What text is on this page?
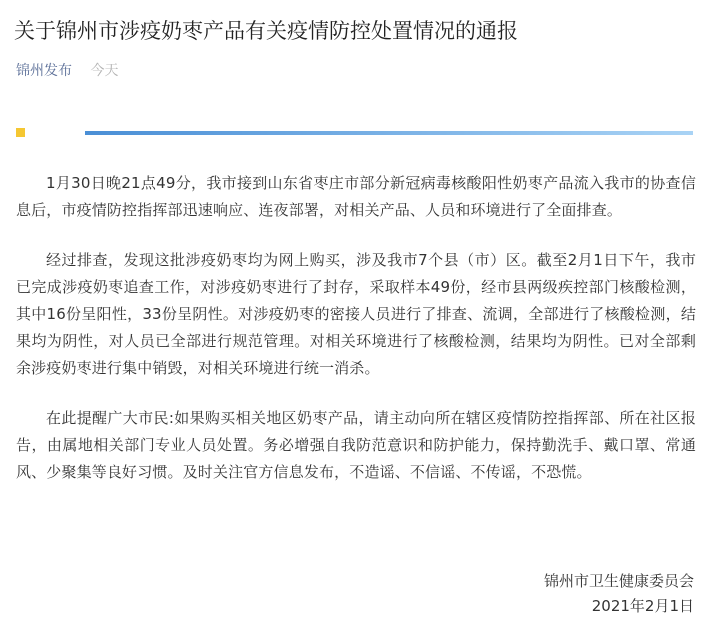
关于锦州市涉疫奶枣产品有关疫情防控处置情况的通报
锦州发布 今天

1月30日晚21点49分，我市接到山东省枣庄市部分新冠病毒核酸阳性奶枣产品流入我市的协查信息后，市疫情防控指挥部迅速响应、连夜部署，对相关产品、人员和环境进行了全面排查。

经过排查，发现这批涉疫奶枣均为网上购买，涉及我市7个县（市）区。截至2月1日下午，我市已完成涉疫奶枣追查工作，对涉疫奶枣进行了封存，采取样本49份，经市县两级疾控部门核酸检测，其中16份呈阳性，33份呈阴性。对涉疫奶枣的密接人员进行了排查、流调，全部进行了核酸检测，结果均为阴性，对人员已全部进行规范管理。对相关环境进行了核酸检测，结果均为阴性。已对全部剩余涉疫奶枣进行集中销毁，对相关环境进行统一消杀。

在此提醒广大市民:如果购买相关地区奶枣产品，请主动向所在辖区疫情防控指挥部、所在社区报告，由属地相关部门专业人员处置。务必增强自我防范意识和防护能力，保持勤洗手、戴口罩、常通风、少聚集等良好习惯。及时关注官方信息发布，不造谣、不信谣、不传谣，不恐慌。

锦州市卫生健康委员会
2021年2月1日
